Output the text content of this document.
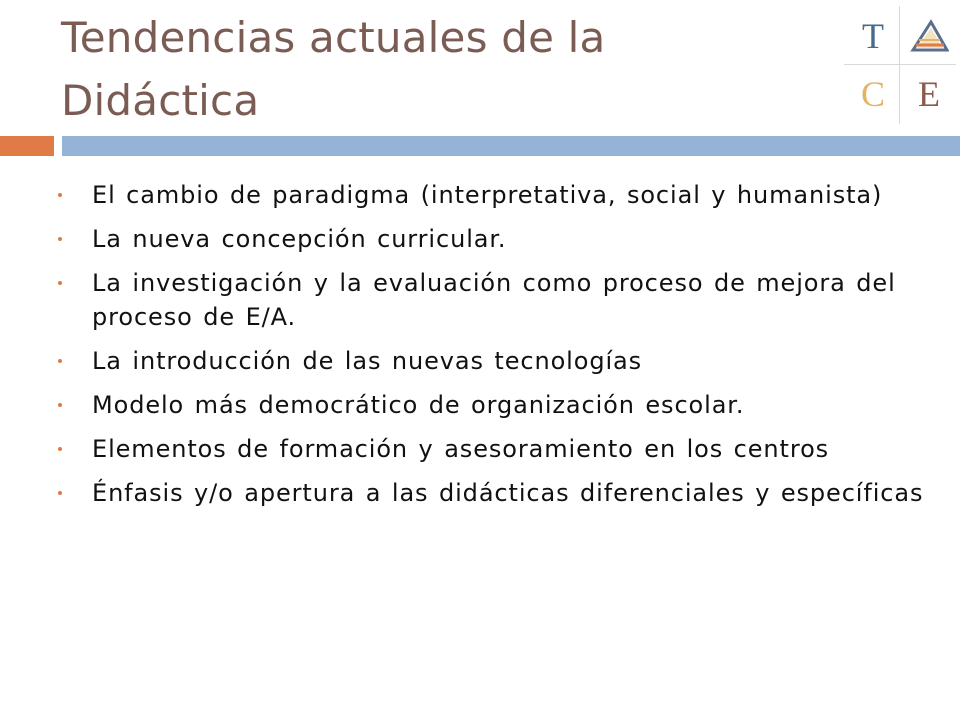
Tendencias actuales de la Didáctica
T
C E
El cambio de paradigma (interpretativa, social y humanista)
La nueva concepción curricular.
La investigación y la evaluación como proceso de mejora del proceso de E/A.
La introducción de las nuevas tecnologías
Modelo más democrático de organización escolar.
Elementos de formación y asesoramiento en los centros
Énfasis y/o apertura a las didácticas diferenciales y específicas
